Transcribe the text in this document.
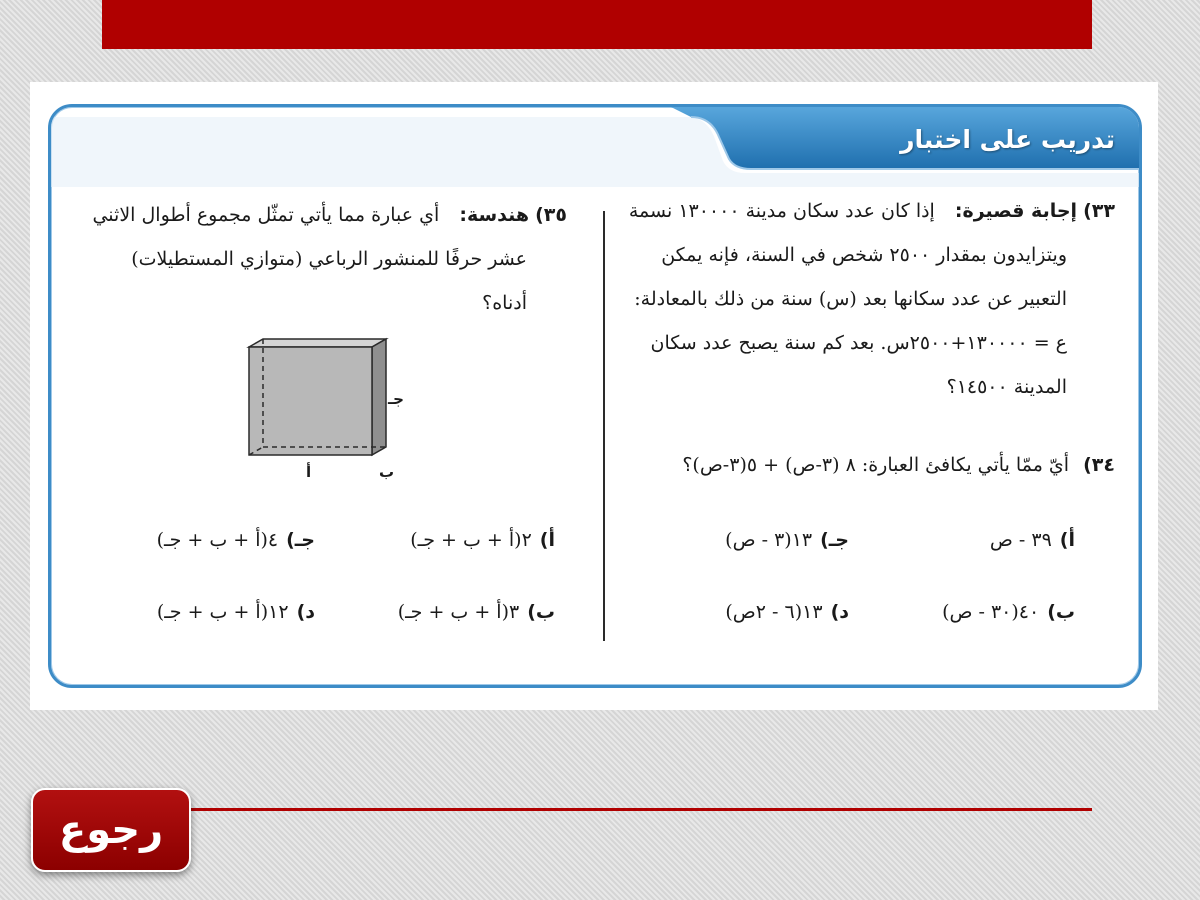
تدريب على اختبار
٣٣) إجابة قصيرة: إذا كان عدد سكان مدينة ١٣٠٠٠٠ نسمة
ويتزايدون بمقدار ٢٥٠٠ شخص في السنة، فإنه يمكن
التعبير عن عدد سكانها بعد (س) سنة من ذلك بالمعادلة:
ع = ١٣٠٠٠٠+٢٥٠٠س. بعد كم سنة يصبح عدد سكان
المدينة ١٤٥٠٠؟
٣٤) أيّ ممّا يأتي يكافئ العبارة: ٨ (٣-ص) + ٥(٣-ص)؟
أ)٣٩ - ص
جـ)١٣(٣ - ص)
ب)٤٠(٣٠ - ص)
د)١٣(٦ - ٢ص)
٣٥) هندسة: أي عبارة مما يأتي تمثّل مجموع أطوال الاثني
عشر حرفًا للمنشور الرباعي (متوازي المستطيلات)
أدناه؟
جـ
ب
أ
أ)٢(أ + ب + جـ)
جـ)٤(أ + ب + جـ)
ب)٣(أ + ب + جـ)
د)١٢(أ + ب + جـ)
رجوع
